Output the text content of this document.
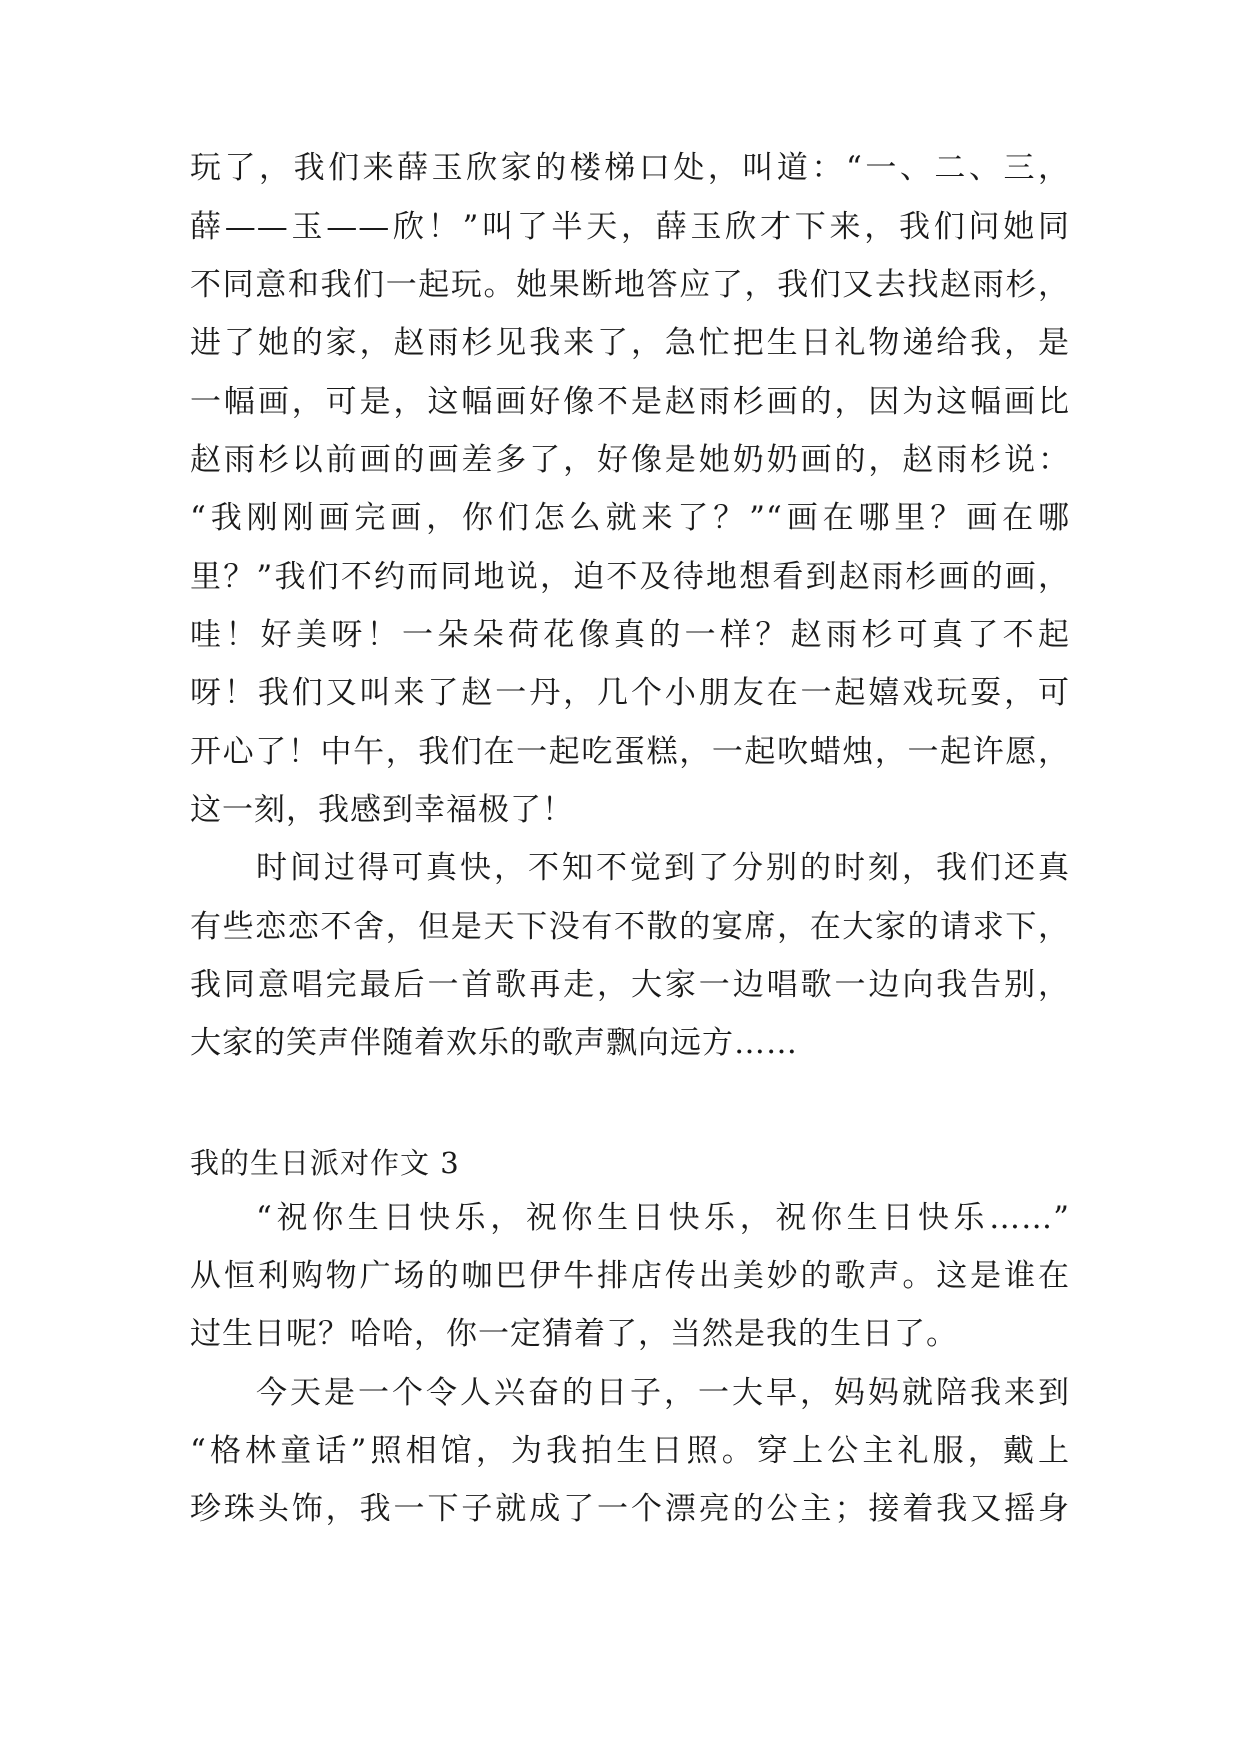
玩了，我们来薛玉欣家的楼梯口处，叫道：“一、二、三，
薛——玉——欣！”叫了半天，薛玉欣才下来，我们问她同
不同意和我们一起玩。她果断地答应了，我们又去找赵雨杉，
进了她的家，赵雨杉见我来了，急忙把生日礼物递给我，是
一幅画，可是，这幅画好像不是赵雨杉画的，因为这幅画比
赵雨杉以前画的画差多了，好像是她奶奶画的，赵雨杉说：
“我刚刚画完画，你们怎么就来了？”“画在哪里？画在哪
里？”我们不约而同地说，迫不及待地想看到赵雨杉画的画，
哇！好美呀！一朵朵荷花像真的一样？赵雨杉可真了不起
呀！我们又叫来了赵一丹，几个小朋友在一起嬉戏玩耍，可
开心了！中午，我们在一起吃蛋糕，一起吹蜡烛，一起许愿，
这一刻，我感到幸福极了！
时间过得可真快，不知不觉到了分别的时刻，我们还真
有些恋恋不舍，但是天下没有不散的宴席，在大家的请求下，
我同意唱完最后一首歌再走，大家一边唱歌一边向我告别，
大家的笑声伴随着欢乐的歌声飘向远方……
我的生日派对作文 3
“祝你生日快乐，祝你生日快乐，祝你生日快乐……”
从恒利购物广场的咖巴伊牛排店传出美妙的歌声。这是谁在
过生日呢？哈哈，你一定猜着了，当然是我的生日了。
今天是一个令人兴奋的日子，一大早，妈妈就陪我来到
“格林童话”照相馆，为我拍生日照。穿上公主礼服，戴上
珍珠头饰，我一下子就成了一个漂亮的公主；接着我又摇身
